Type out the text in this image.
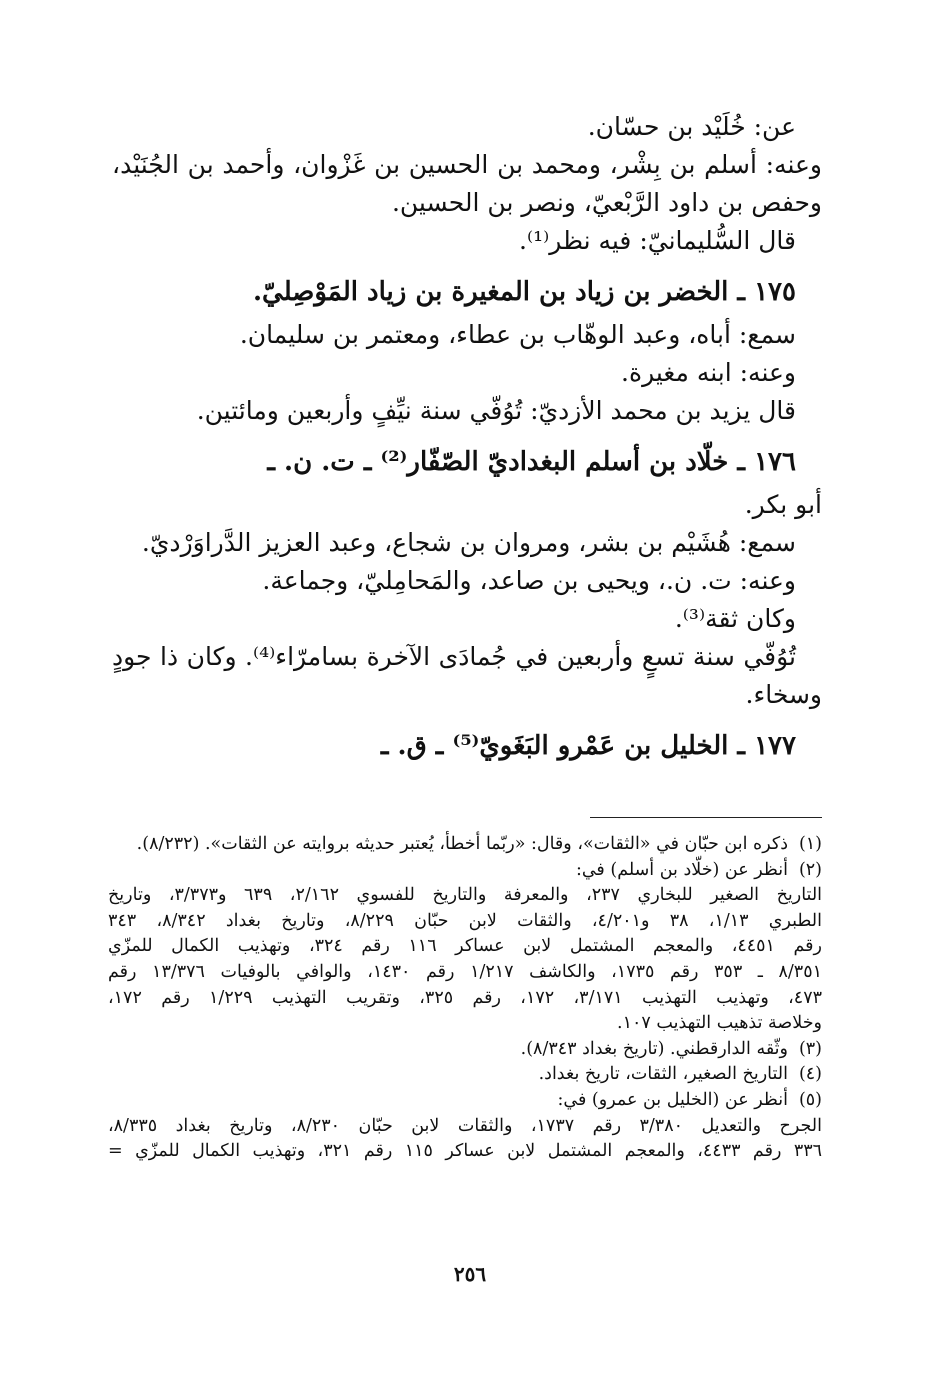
عن: خُلَيْد بن حسّان.
وعنه: أسلم بن بِشْر، ومحمد بن الحسين بن غَزْوان، وأحمد بن الجُنَيْد،
وحفص بن داود الرَّبْعيّ، ونصر بن الحسين.
قال السُّليمانيّ: فيه نظر⁽¹⁾.
١٧٥ ـ الخضر بن زياد بن المغيرة بن زياد المَوْصِليّ.
سمع: أباه، وعبد الوهّاب بن عطاء، ومعتمر بن سليمان.
وعنه: ابنه مغيرة.
قال يزيد بن محمد الأزديّ: تُوُفّي سنة نيِّفٍ وأربعين ومائتين.
١٧٦ ـ خلّاد بن أسلم البغداديّ الصّفّار⁽²⁾ ـ ت. ن. ـ
أبو بكر.
سمع: هُشَيْم بن بشر، ومروان بن شجاع، وعبد العزيز الدَّراوَرْديّ.
وعنه: ت. ن.، ويحيى بن صاعد، والمَحامِليّ، وجماعة.
وكان ثقة⁽³⁾.
تُوُفّي سنة تسعٍ وأربعين في جُمادَى الآخرة بسامرّاء⁽⁴⁾. وكان ذا جودٍ
وسخاء.
١٧٧ ـ الخليل بن عَمْرو البَغَويّ⁽⁵⁾ ـ ق. ـ
(١)ذكره ابن حبّان في «الثقات»، وقال: «ربّما أخطأ، يُعتبر حديثه بروايته عن الثقات». (٨/٢٣٢).
(٢)أنظر عن (خلّاد بن أسلم) في:
التاريخ الصغير للبخاري ٢٣٧، والمعرفة والتاريخ للفسوي ٢/١٦٢، ٦٣٩ و٣/٣٧٣، وتاريخ
الطبري ١/١٣، ٣٨ و٤/٢٠١، والثقات لابن حبّان ٨/٢٢٩، وتاريخ بغداد ٨/٣٤٢، ٣٤٣
رقم ٤٤٥١، والمعجم المشتمل لابن عساكر ١١٦ رقم ٣٢٤، وتهذيب الكمال للمزّي
٨/٣٥١ ـ ٣٥٣ رقم ١٧٣٥، والكاشف ١/٢١٧ رقم ١٤٣٠، والوافي بالوفيات ١٣/٣٧٦ رقم
٤٧٣، وتهذيب التهذيب ٣/١٧١، ١٧٢، رقم ٣٢٥، وتقريب التهذيب ١/٢٢٩ رقم ١٧٢،
وخلاصة تذهيب التهذيب ١٠٧.
(٣)وثّقه الدارقطني. (تاريخ بغداد ٨/٣٤٣).
(٤)التاريخ الصغير، الثقات، تاريخ بغداد.
(٥)أنظر عن (الخليل بن عمرو) في:
الجرح والتعديل ٣/٣٨٠ رقم ١٧٣٧، والثقات لابن حبّان ٨/٢٣٠، وتاريخ بغداد ٨/٣٣٥،
٣٣٦ رقم ٤٤٣٣، والمعجم المشتمل لابن عساكر ١١٥ رقم ٣٢١، وتهذيب الكمال للمزّي =
٢٥٦
